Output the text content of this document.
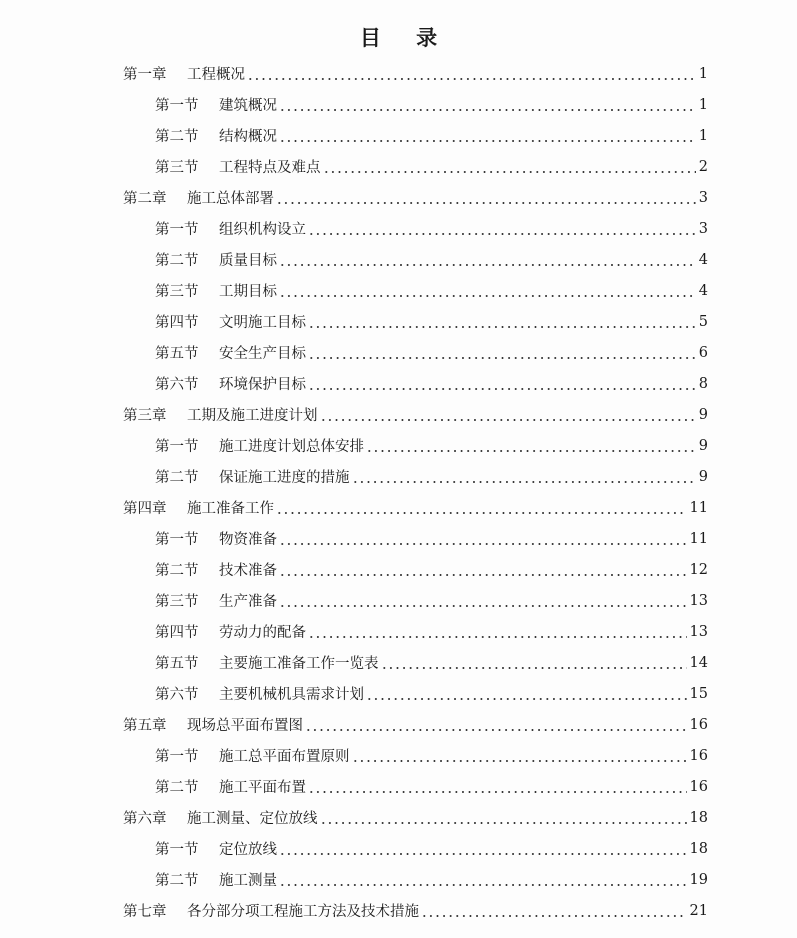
目 录
第一章	工程概况	1
第一节	建筑概况	1
第二节	结构概况	1
第三节	工程特点及难点	2
第二章	施工总体部署	3
第一节	组织机构设立	3
第二节	质量目标	4
第三节	工期目标	4
第四节	文明施工目标	5
第五节	安全生产目标	6
第六节	环境保护目标	8
第三章	工期及施工进度计划	9
第一节	施工进度计划总体安排	9
第二节	保证施工进度的措施	9
第四章	施工准备工作	11
第一节	物资准备	11
第二节	技术准备	12
第三节	生产准备	13
第四节	劳动力的配备	13
第五节	主要施工准备工作一览表	14
第六节	主要机械机具需求计划	15
第五章	现场总平面布置图	16
第一节	施工总平面布置原则	16
第二节	施工平面布置	16
第六章	施工测量、定位放线	18
第一节	定位放线	18
第二节	施工测量	19
第七章	各分部分项工程施工方法及技术措施	21
